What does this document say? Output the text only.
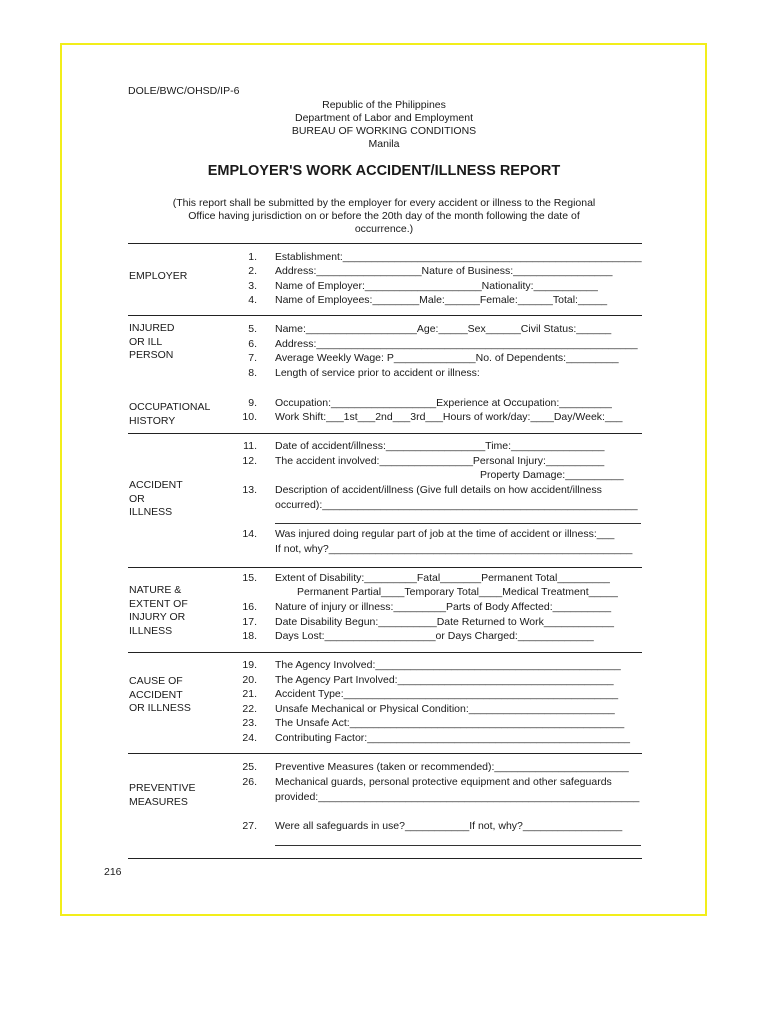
DOLE/BWC/OHSD/IP-6
Republic of the Philippines
Department of Labor and Employment
BUREAU OF WORKING CONDITIONS
Manila
EMPLOYER'S WORK ACCIDENT/ILLNESS REPORT
(This report shall be submitted by the employer for every accident or illness to the Regional
Office having jurisdiction on or before the 20th day of the month following the date of
occurrence.)
EMPLOYER
INJURED
OR ILL
PERSON
OCCUPATIONAL
HISTORY
ACCIDENT
OR
ILLNESS
NATURE &
EXTENT OF
INJURY OR
ILLNESS
CAUSE OF
ACCIDENT
OR ILLNESS
PREVENTIVE
MEASURES
1.
2.
3.
4.
5.
6.
7.
8.
9.
10.
11.
12.
13.
14.
15.
16.
17.
18.
19.
20.
21.
22.
23.
24.
25.
26.
27.
Establishment:____________________________________________________
Address:__________________Nature of Business:_________________
Name of Employer:____________________Nationality:___________
Name of Employees:________Male:______Female:______Total:_____
Name:___________________Age:_____Sex______Civil Status:______
Address:_______________________________________________________
Average Weekly Wage: P______________No. of Dependents:_________
Length of service prior to accident or illness:
Occupation:__________________Experience at Occupation:_________
Work Shift:___1st___2nd___3rd___Hours of work/day:____Day/Week:___
Date of accident/illness:_________________Time:________________
The accident involved:________________Personal Injury:__________
Property Damage:__________
Description of accident/illness (Give full details on how accident/illness
occurred):______________________________________________________
Was injured doing regular part of job at the time of accident or illness:___
If not, why?____________________________________________________
Extent of Disability:_________Fatal_______Permanent Total_________
Permanent Partial____Temporary Total____Medical Treatment_____
Nature of injury or illness:_________Parts of Body Affected:__________
Date Disability Begun:__________Date Returned to Work____________
Days Lost:___________________or Days Charged:_____________
The Agency Involved:__________________________________________
The Agency Part Involved:_____________________________________
Accident Type:_______________________________________________
Unsafe Mechanical or Physical Condition:_________________________
The Unsafe Act:_______________________________________________
Contributing Factor:_____________________________________________
Preventive Measures (taken or recommended):_______________________
Mechanical guards, personal protective equipment and other safeguards
provided:_______________________________________________________
Were all safeguards in use?___________If not, why?_________________
216
